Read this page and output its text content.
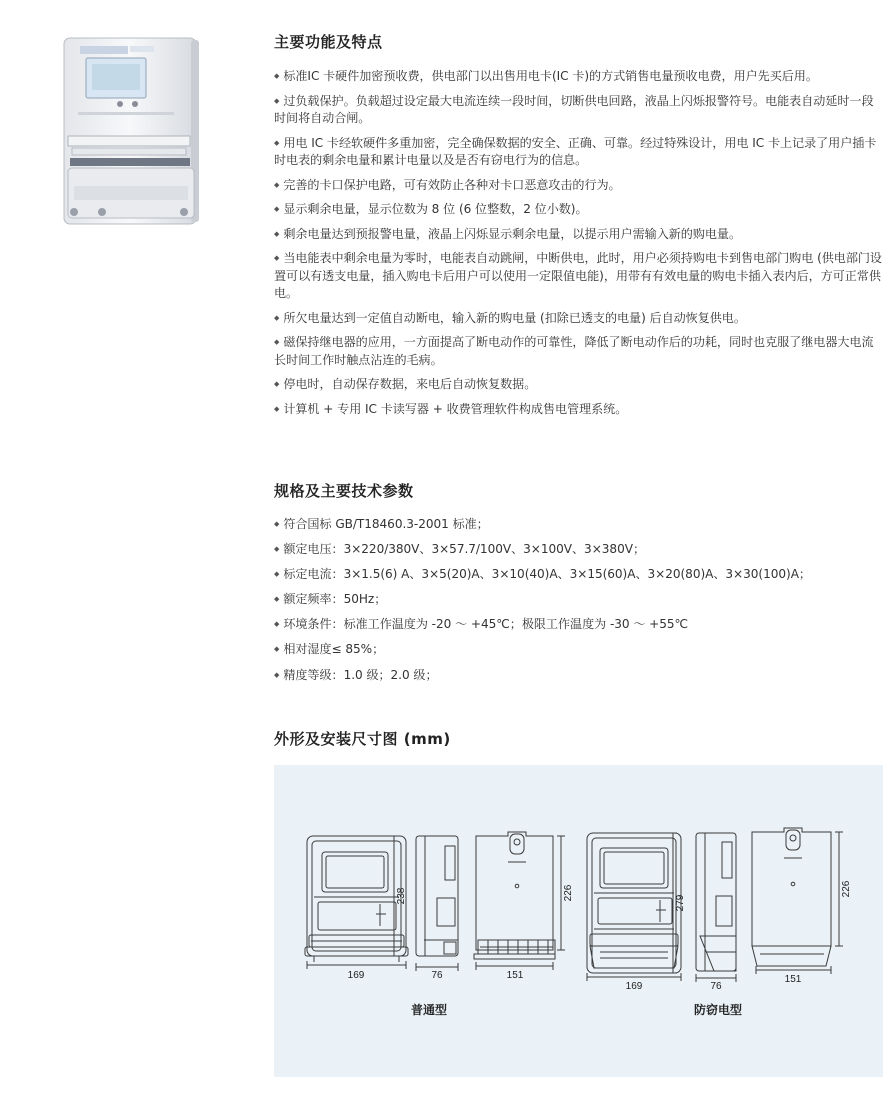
主要功能及特点
◆ 标准IC 卡硬件加密预收费，供电部门以出售用电卡(IC 卡)的方式销售电量预收电费，用户先买后用。
◆ 过负载保护。负载超过设定最大电流连续一段时间，切断供电回路，液晶上闪烁报警符号。电能表自动延时一段时间将自动合闸。
◆ 用电 IC 卡经软硬件多重加密，完全确保数据的安全、正确、可靠。经过特殊设计，用电 IC 卡上记录了用户插卡时电表的剩余电量和累计电量以及是否有窃电行为的信息。
◆ 完善的卡口保护电路，可有效防止各种对卡口恶意攻击的行为。
◆ 显示剩余电量，显示位数为 8 位 (6 位整数，2 位小数)。
◆ 剩余电量达到预报警电量，液晶上闪烁显示剩余电量，以提示用户需输入新的购电量。
◆ 当电能表中剩余电量为零时，电能表自动跳闸，中断供电，此时，用户必须持购电卡到售电部门购电 (供电部门设置可以有透支电量，插入购电卡后用户可以使用一定限值电能)，用带有有效电量的购电卡插入表内后，方可正常供电。
◆ 所欠电量达到一定值自动断电，输入新的购电量 (扣除已透支的电量) 后自动恢复供电。
◆ 磁保持继电器的应用，一方面提高了断电动作的可靠性，降低了断电动作后的功耗，同时也克服了继电器大电流长时间工作时触点沾连的毛病。
◆ 停电时，自动保存数据，来电后自动恢复数据。
◆ 计算机 + 专用 IC 卡读写器 + 收费管理软件构成售电管理系统。
规格及主要技术参数
◆ 符合国标 GB/T18460.3-2001 标准；
◆ 额定电压：3×220/380V、3×57.7/100V、3×100V、3×380V；
◆ 标定电流：3×1.5(6) A、3×5(20)A、3×10(40)A、3×15(60)A、3×20(80)A、3×30(100)A；
◆ 额定频率：50Hz；
◆ 环境条件：标准工作温度为 -20 ～ +45℃；极限工作温度为 -30 ～ +55℃
◆ 相对湿度≤ 85%；
◆ 精度等级：1.0 级；2.0 级；
外形及安装尺寸图 (mm)
238
169	76
226
151
279
169	76
226
151
普通型	防窃电型
